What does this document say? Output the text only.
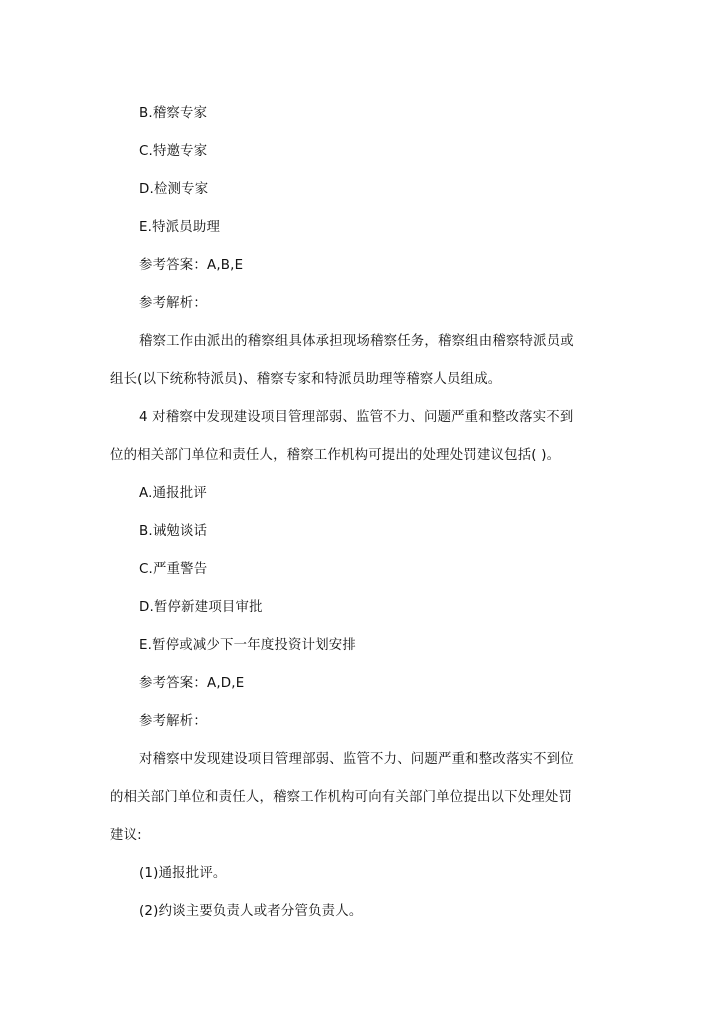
B.稽察专家
C.特邀专家
D.检测专家
E.特派员助理
参考答案：A,B,E
参考解析：
稽察工作由派出的稽察组具体承担现场稽察任务，稽察组由稽察特派员或
组长(以下统称特派员)、稽察专家和特派员助理等稽察人员组成。
4 对稽察中发现建设项目管理部弱、监管不力、问题严重和整改落实不到
位的相关部门单位和责任人，稽察工作机构可提出的处理处罚建议包括( )。
A.通报批评
B.诫勉谈话
C.严重警告
D.暂停新建项目审批
E.暂停或减少下一年度投资计划安排
参考答案：A,D,E
参考解析：
对稽察中发现建设项目管理部弱、监管不力、问题严重和整改落实不到位
的相关部门单位和责任人，稽察工作机构可向有关部门单位提出以下处理处罚
建议:
(1)通报批评。
(2)约谈主要负责人或者分管负责人。
